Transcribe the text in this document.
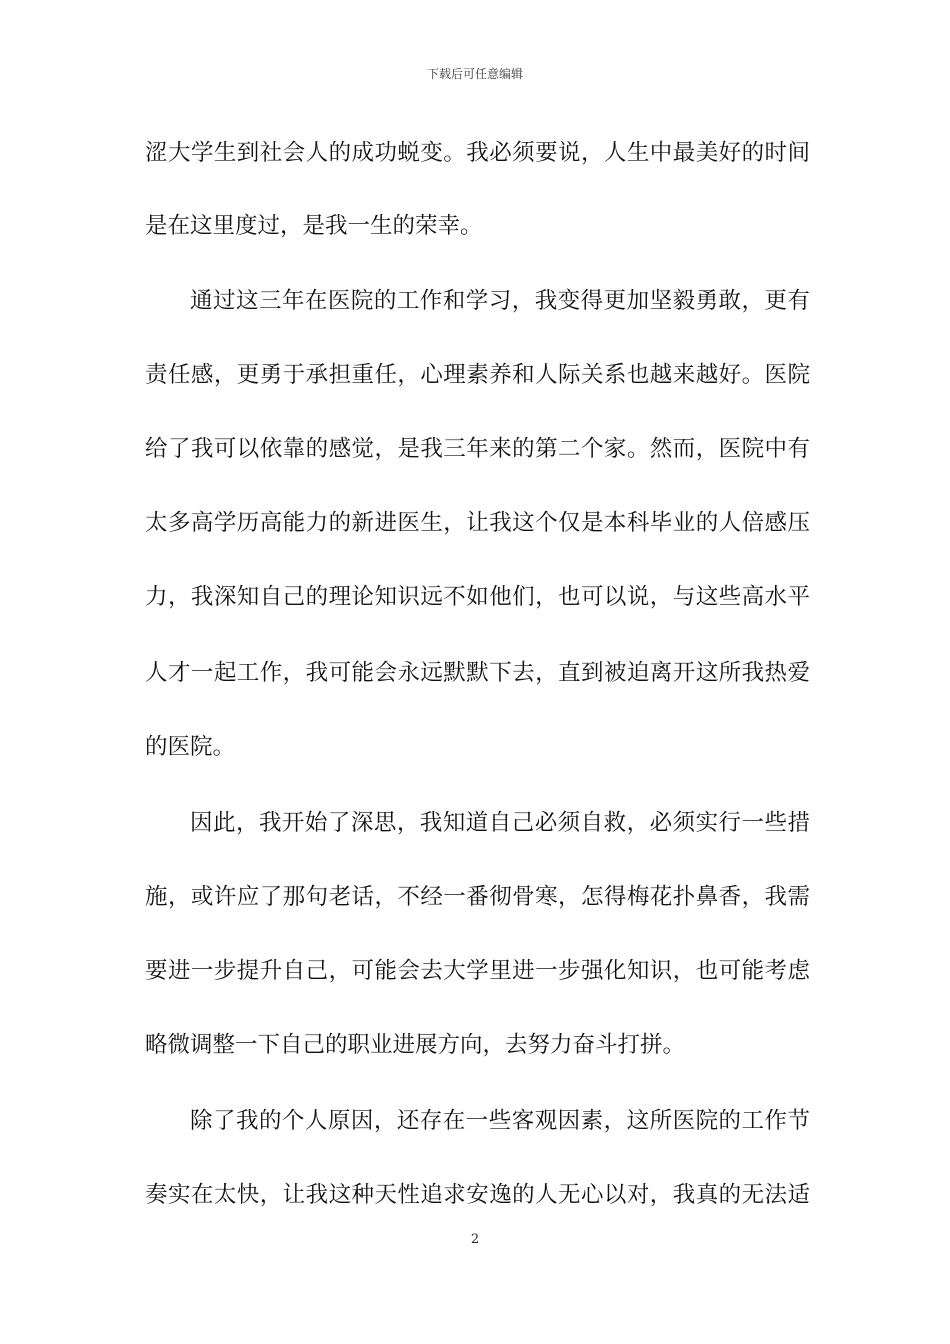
下载后可任意编辑
涩大学生到社会人的成功蜕变。我必须要说，人生中最美好的时间
是在这里度过，是我一生的荣幸。
通过这三年在医院的工作和学习，我变得更加坚毅勇敢，更有
责任感，更勇于承担重任，心理素养和人际关系也越来越好。医院
给了我可以依靠的感觉，是我三年来的第二个家。然而，医院中有
太多高学历高能力的新进医生，让我这个仅是本科毕业的人倍感压
力，我深知自己的理论知识远不如他们，也可以说，与这些高水平
人才一起工作，我可能会永远默默下去，直到被迫离开这所我热爱
的医院。
因此，我开始了深思，我知道自己必须自救，必须实行一些措
施，或许应了那句老话，不经一番彻骨寒，怎得梅花扑鼻香，我需
要进一步提升自己，可能会去大学里进一步强化知识，也可能考虑
略微调整一下自己的职业进展方向，去努力奋斗打拼。
除了我的个人原因，还存在一些客观因素，这所医院的工作节
奏实在太快，让我这种天性追求安逸的人无心以对，我真的无法适
2
